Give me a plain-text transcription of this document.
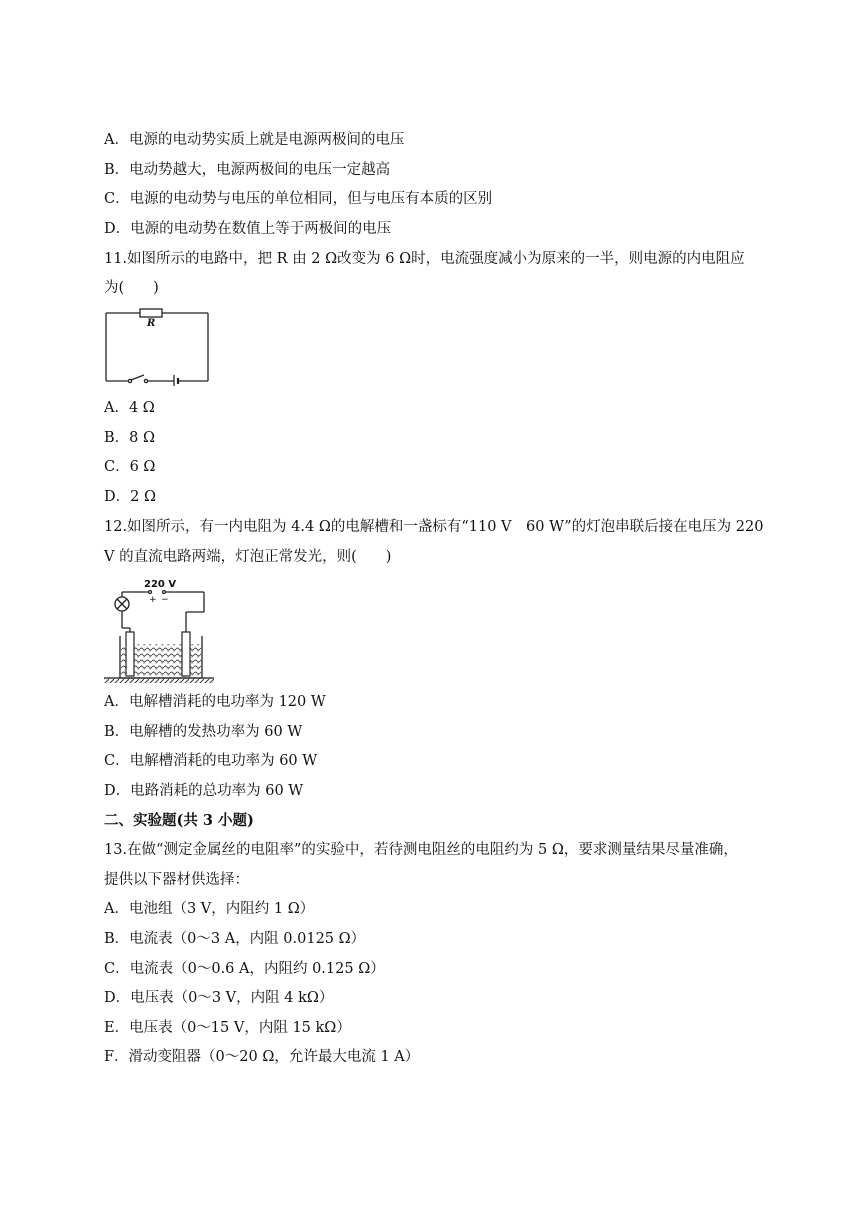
A．电源的电动势实质上就是电源两极间的电压
B．电动势越大，电源两极间的电压一定越高
C．电源的电动势与电压的单位相同，但与电压有本质的区别
D．电源的电动势在数值上等于两极间的电压
11.如图所示的电路中，把 R 由 2 Ω改变为 6 Ω时，电流强度减小为原来的一半，则电源的内电阻应
为(　　)
R
A．4 Ω
B．8 Ω
C．6 Ω
D．2 Ω
12.如图所示，有一内电阻为 4.4 Ω的电解槽和一盏标有“110 V　60 W”的灯泡串联后接在电压为 220
V 的直流电路两端，灯泡正常发光，则(　　)
+ −
220 V
A．电解槽消耗的电功率为 120 W
B．电解槽的发热功率为 60 W
C．电解槽消耗的电功率为 60 W
D．电路消耗的总功率为 60 W
二、实验题(共 3 小题)
13.在做“测定金属丝的电阻率”的实验中，若待测电阻丝的电阻约为 5 Ω，要求测量结果尽量准确，
提供以下器材供选择：
A．电池组（3 V，内阻约 1 Ω）
B．电流表（0～3 A，内阻 0.0125 Ω）
C．电流表（0～0.6 A，内阻约 0.125 Ω）
D．电压表（0～3 V，内阻 4 kΩ）
E．电压表（0～15 V，内阻 15 kΩ）
F．滑动变阻器（0～20 Ω，允许最大电流 1 A）
